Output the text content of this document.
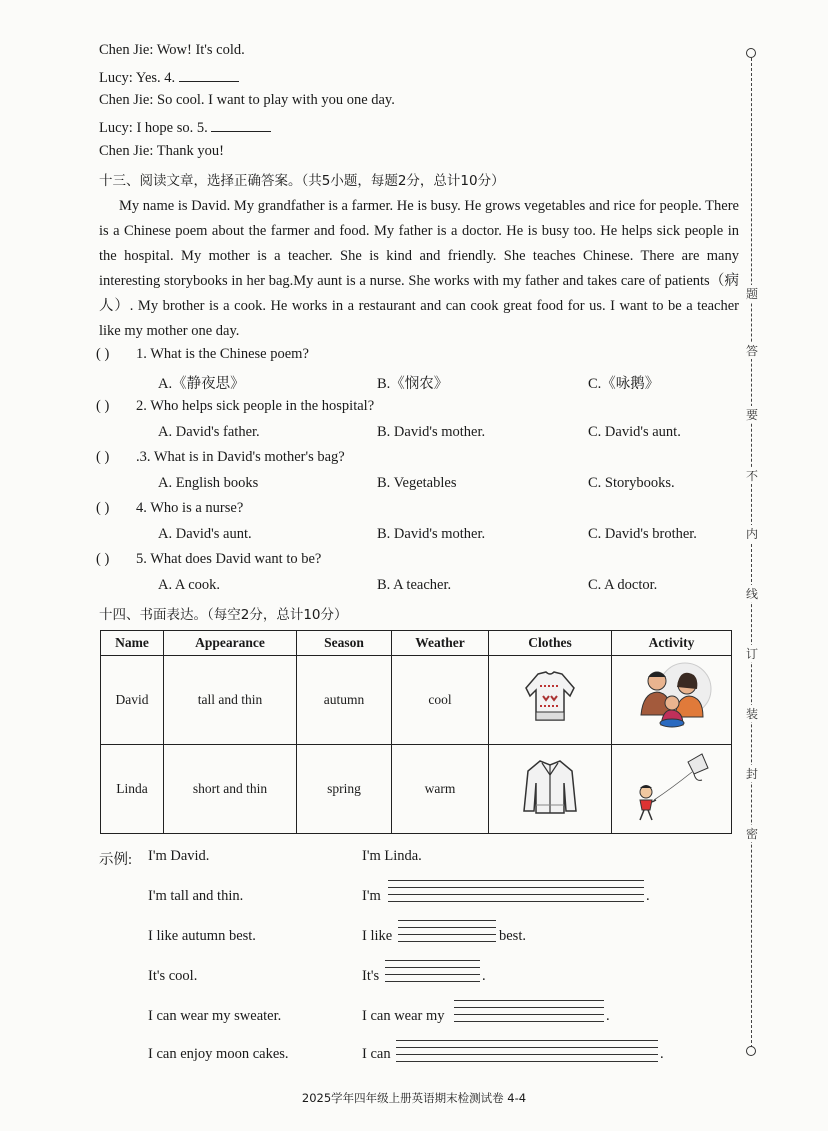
Chen Jie: Wow! It's cold.
Lucy: Yes. 4.
Chen Jie: So cool. I want to play with you one day.
Lucy: I hope so. 5.
Chen Jie: Thank you!
十三、阅读文章，选择正确答案。（共5小题，每题2分，总计10分）
My name is David. My grandfather is a farmer. He is busy. He grows vegetables and rice for people. There is a Chinese poem about the farmer and food. My father is a doctor. He is busy too. He helps sick people in the hospital. My mother is a teacher. She is kind and friendly. She teaches Chinese. There are many interesting storybooks in her bag.My aunt is a nurse. She works with my father and takes care of patients（病人）. My brother is a cook. He works in a restaurant and can cook great food for us. I want to be a teacher like my mother one day.
( ) 1. What is the Chinese poem?
A.《静夜思》	B.《悯农》	C.《咏鹅》
( ) 2. Who helps sick people in the hospital?
A. David's father.	B. David's mother.	C. David's aunt.
( ) .3. What is in David's mother's bag?
A. English books	B. Vegetables	C. Storybooks.
( ) 4. Who is a nurse?
A. David's aunt.	B. David's mother.	C. David's brother.
( ) 5. What does David want to be?
A. A cook.	B. A teacher.	C. A doctor.
十四、书面表达。（每空2分，总计10分）
Name	Appearance	Season	Weather	Clothes	Activity
David	tall and thin	autumn	cool		
Linda	short and thin	spring	warm		
示例: I'm David.
I'm tall and thin.
I like autumn best.
It's cool.
I can wear my sweater.
I can enjoy moon cakes.
I'm Linda.
I'm	.
I like	best.
It's	.
I can wear my	.
I can	.
题
答
要
不
内
线
订
装
封
密
2025学年四年级上册英语期末检测试卷 4-4
